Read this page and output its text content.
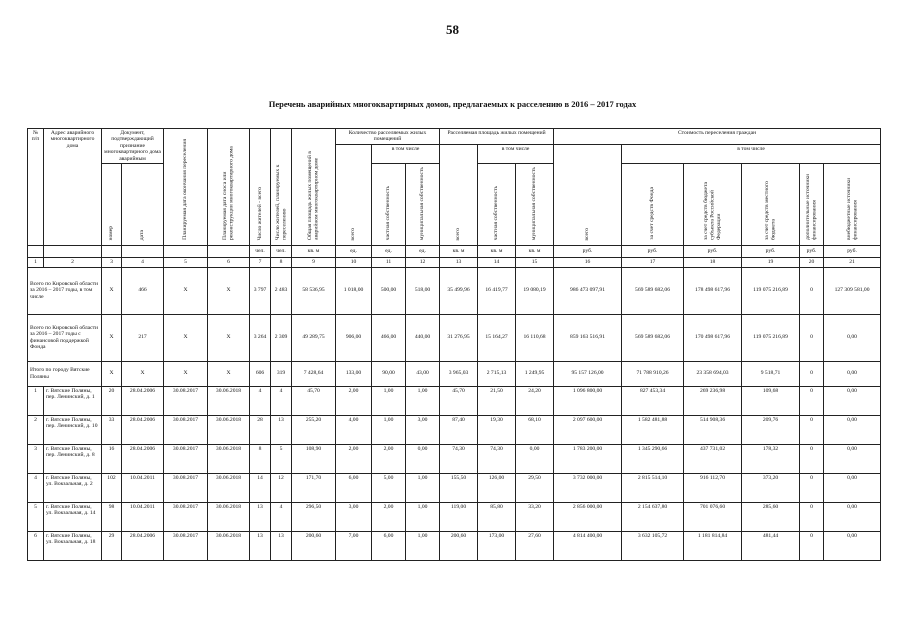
58
Перечень аварийных многоквартирных домов, предлагаемых к расселению в 2016 – 2017 годах
№ п/п	Адрес аварийного многоквартирного дома	Документ, подтверждающий признание многоквартирного дома аварийным		Планируемая дата окончания переселения	Планируемая дата сноса или реконструкции многоквартирного дома	Число жителей - всего	Число жителей, планируемых к переселению	Общая площадь жилых помещений в аварийном многоквартирном доме	Количество расселяемых жилых помещений			Расселяемая площадь жилых помещений			Стоимость переселения граждан					
									всего	в том числе		всего	в том числе		всего	в том числе				
		номер	дата							частная собственность	муниципальная собственность		частная собственность	муниципальная собственность		за счет средств Фонда	за счет средств бюджета субъекта Российской Федерации	за счет средств местного бюджета	дополнительные источники финансирования	внебюджетные источники финансирования
						чел.	чел.	кв. м	ед.	ед.	ед.	кв. м	кв. м	кв. м	руб.	руб.	руб.	руб.	руб.	руб.
1	2	3	4	5	6	7	8	9	10	11	12	13	14	15	16	17	18	19	20	21
Всего по Кировской области за 2016 – 2017 годы, в том числе		X	466	X	X	3 797	2 483	58 536,95	1 018,00	500,00	518,00	35 499,96	16 419,77	19 080,19	986 473 097,91	569 589 682,06	178 498 617,96	119 075 216,89	0	127 309 581,00
Всего по Кировской области за 2016 – 2017 годы с финансовой поддержкой Фонда		X	217	X	X	3 264	2 309	49 289,75	906,00	466,00	440,00	31 276,95	15 164,27	16 110,68	859 163 516,91	569 589 682,06	170 498 617,96	119 075 216,89	0	0,00
Итого по городу Вятские Поляны		X	X	X	X	606	319	7 428,64	133,00	90,00	43,00	3 965,03	2 715,13	1 249,95	95 157 126,00	71 788 910,26	23 358 694,03	9 518,71	0	0,00
1	г. Вятские Поляны, пер. Ленинский, д. 1	20	28.04.2006	30.08.2017	30.06.2018	4	4	45,70	2,00	1,00	1,00	45,70	21,50	24,20	1 096 800,00	827 453,34	269 236,98	109,68	0	0,00
2	г. Вятские Поляны, пер. Ленинский, д. 10	33	28.04.2006	30.08.2017	30.06.2018	28	13	255,20	4,00	1,00	3,00	87,40	19,30	68,10	2 097 600,00	1 582 481,88	514 908,36	209,76	0	0,00
3	г. Вятские Поляны, пер. Ленинский, д. 8	16	28.04.2006	30.08.2017	30.06.2018	8	5	108,90	2,00	2,00	0,00	74,30	74,30	0,00	1 783 200,00	1 345 290,66	437 731,02	178,32	0	0,00
4	г. Вятские Поляны, ул. Вокзальная, д. 2	102	10.04.2011	30.08.2017	30.06.2018	14	12	171,70	6,00	5,00	1,00	155,50	126,00	29,50	3 732 000,00	2 815 514,10	916 112,70	373,20	0	0,00
5	г. Вятские Поляны, ул. Вокзальная, д. 14	98	10.04.2011	30.08.2017	30.06.2018	13	4	296,50	3,00	2,00	1,00	119,00	85,80	33,20	2 856 000,00	2 154 637,80	701 076,60	285,60	0	0,00
6	г. Вятские Поляны, ул. Вокзальная, д. 18	29	28.04.2006	30.08.2017	30.06.2018	13	13	200,60	7,00	6,00	1,00	200,60	173,00	27,60	4 814 400,00	3 632 105,72	1 181 814,84	481,44	0	0,00
